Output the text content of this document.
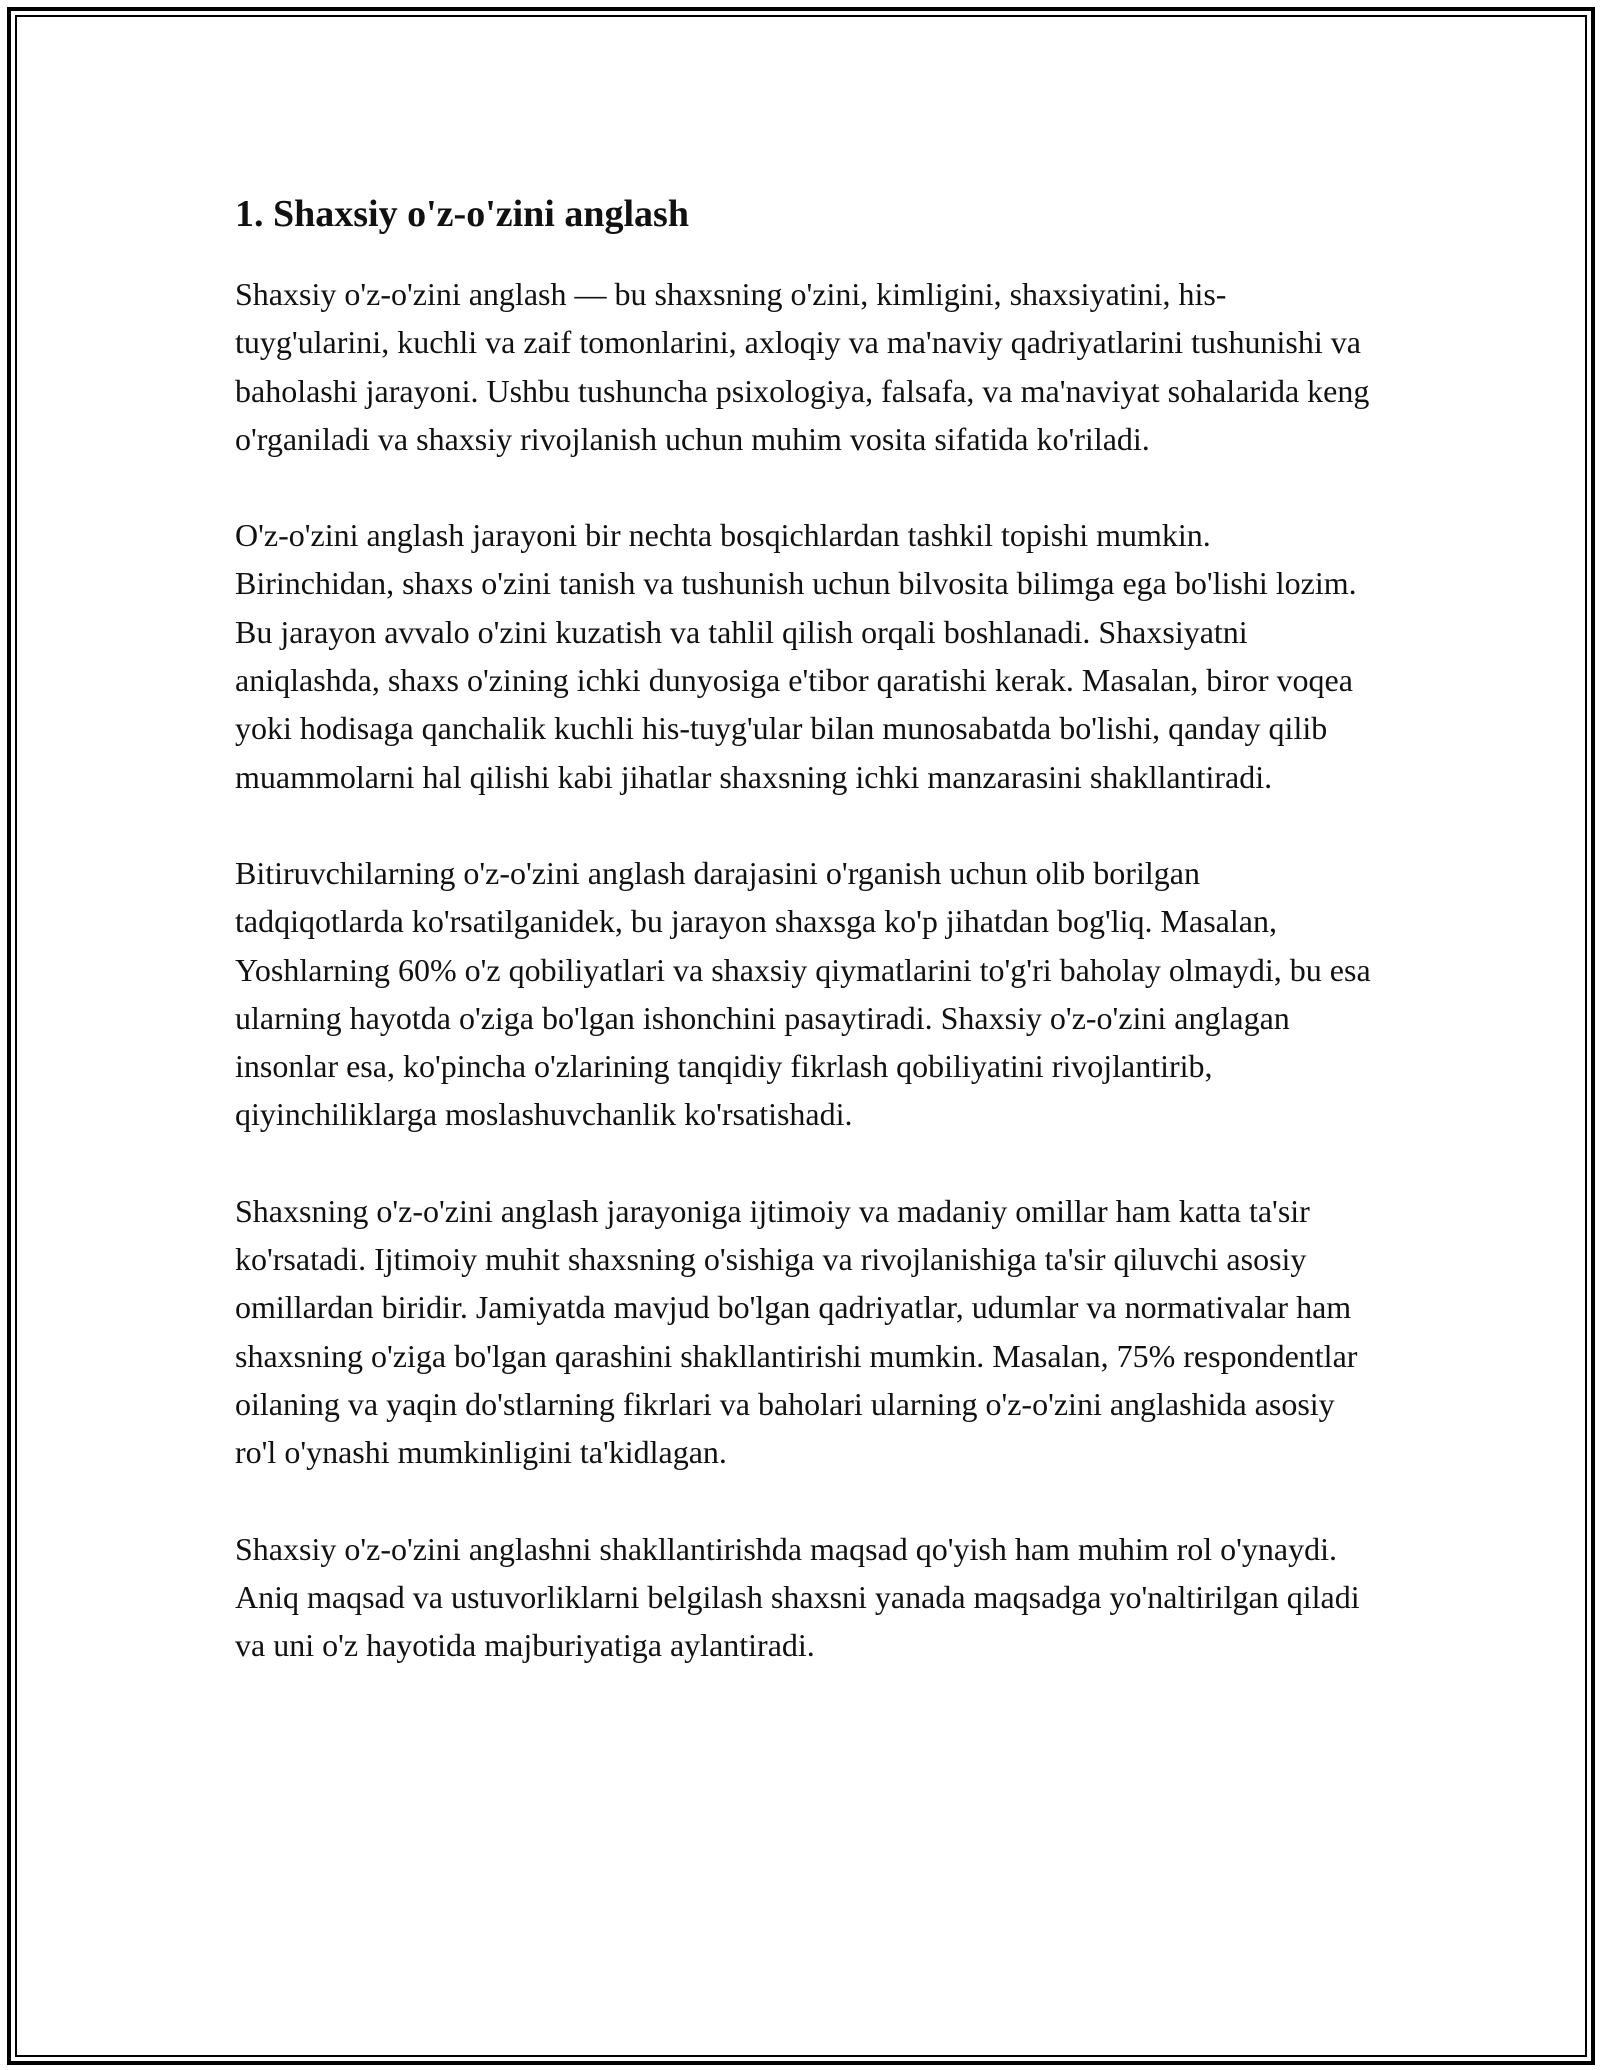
1. Shaxsiy o'z-o'zini anglash

Shaxsiy o'z-o'zini anglash — bu shaxsning o'zini, kimligini, shaxsiyatini, his-tuyg'ularini, kuchli va zaif tomonlarini, axloqiy va ma'naviy qadriyatlarini tushunishi va baholashi jarayoni. Ushbu tushuncha psixologiya, falsafa, va ma'naviyat sohalarida keng o'rganiladi va shaxsiy rivojlanish uchun muhim vosita sifatida ko'riladi.

O'z-o'zini anglash jarayoni bir nechta bosqichlardan tashkil topishi mumkin. Birinchidan, shaxs o'zini tanish va tushunish uchun bilvosita bilimga ega bo'lishi lozim. Bu jarayon avvalo o'zini kuzatish va tahlil qilish orqali boshlanadi. Shaxsiyatni aniqlashda, shaxs o'zining ichki dunyosiga e'tibor qaratishi kerak. Masalan, biror voqea yoki hodisaga qanchalik kuchli his-tuyg'ular bilan munosabatda bo'lishi, qanday qilib muammolarni hal qilishi kabi jihatlar shaxsning ichki manzarasini shakllantiradi.

Bitiruvchilarning o'z-o'zini anglash darajasini o'rganish uchun olib borilgan tadqiqotlarda ko'rsatilganidek, bu jarayon shaxsga ko'p jihatdan bog'liq. Masalan, Yoshlarning 60% o'z qobiliyatlari va shaxsiy qiymatlarini to'g'ri baholay olmaydi, bu esa ularning hayotda o'ziga bo'lgan ishonchini pasaytiradi. Shaxsiy o'z-o'zini anglagan insonlar esa, ko'pincha o'zlarining tanqidiy fikrlash qobiliyatini rivojlantirib, qiyinchiliklarga moslashuvchanlik ko'rsatishadi.

Shaxsning o'z-o'zini anglash jarayoniga ijtimoiy va madaniy omillar ham katta ta'sir ko'rsatadi. Ijtimoiy muhit shaxsning o'sishiga va rivojlanishiga ta'sir qiluvchi asosiy omillardan biridir. Jamiyatda mavjud bo'lgan qadriyatlar, udumlar va normativalar ham shaxsning o'ziga bo'lgan qarashini shakllantirishi mumkin. Masalan, 75% respondentlar oilaning va yaqin do'stlarning fikrlari va baholari ularning o'z-o'zini anglashida asosiy ro'l o'ynashi mumkinligini ta'kidlagan.

Shaxsiy o'z-o'zini anglashni shakllantirishda maqsad qo'yish ham muhim rol o'ynaydi. Aniq maqsad va ustuvorliklarni belgilash shaxsni yanada maqsadga yo'naltirilgan qiladi va uni o'z hayotida majburiyatiga aylantiradi.
